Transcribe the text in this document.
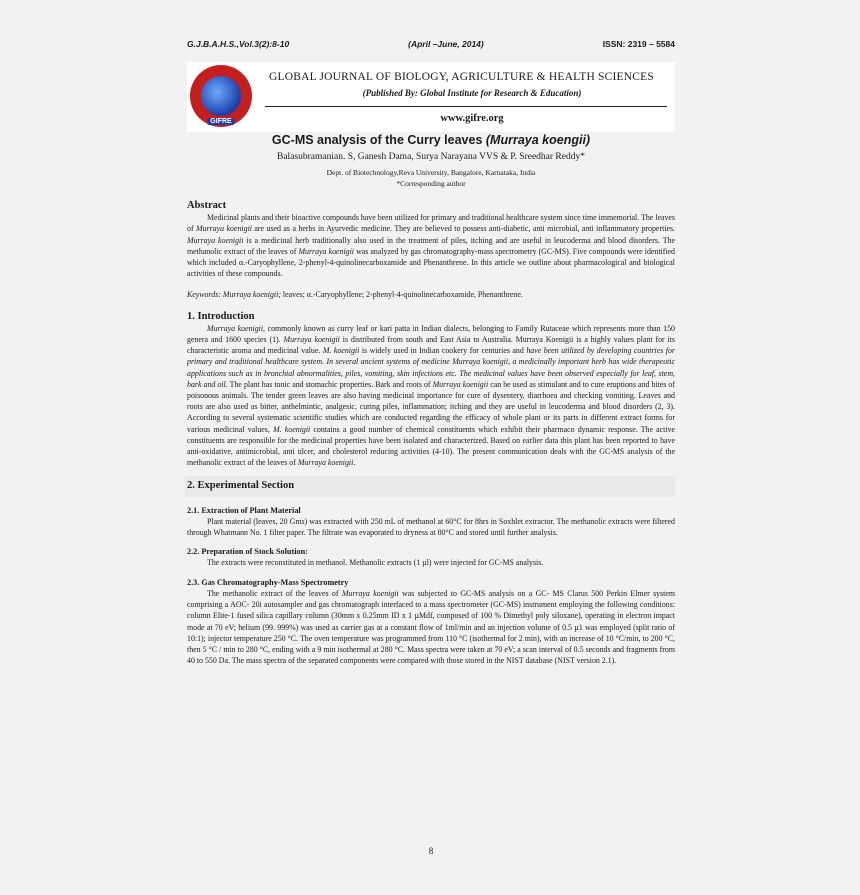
G.J.B.A.H.S.,Vol.3(2):8-10	(April –June, 2014)	ISSN: 2319 – 5584
GIFRE
GLOBAL JOURNAL OF BIOLOGY, AGRICULTURE & HEALTH SCIENCES
(Published By: Global Institute for Research & Education)
www.gifre.org
GC-MS analysis of the Curry leaves (Murraya koengii)
Balasubramanian. S, Ganesh Dama, Surya Narayana VVS & P. Sreedhar Reddy*
Dept. of Biotechnology,Reva University, Bangalore, Karnataka, India
*Corresponding author
Abstract

Medicinal plants and their bioactive compounds have been utilized for primary and traditional healthcare system since time immemorial. The leaves of Murraya koenigii are used as a herbs in Ayurvedic medicine. They are believed to possess anti-diabetic, anti microbial, anti inflammatory properties. Murraya koenigii is a medicinal herb traditionally also used in the treatment of piles, itching and are useful in leucoderma and blood disorders. The methanolic extract of the leaves of Murraya koenigii was analyzed by gas chromatography-mass spectrometry (GC-MS). Five compounds were identified which included α.-Caryophyllene, 2-phenyl-4-quinolinecarboxamide and Phenanthrene. In this article we outline about pharmacological and biological activities of these compounds.

Keywords: Murraya koenigii; leaves; α.-Caryophyllene; 2-phenyl-4-quinolinecarboxamide, Phenanthrene.

1. Introduction

Murraya koenigii, commonly known as curry leaf or kari patta in Indian dialects, belonging to Family Rutaceae which represents more than 150 genera and 1600 species (1). Murraya koenigii is distributed from south and East Asia to Australia. Murraya Koenigii is a highly values plant for its characteristic aroma and medicinal value. M. koenigii is widely used in Indian cookery for centuries and have been utilized by developing countries for primary and traditional healthcare system. In several ancient systems of medicine Murraya koenigii, a medicinally important herb has wide therapeutic applications such as in bronchial abnormalities, piles, vomiting, skin infections etc. The medicinal values have been observed especially for leaf, stem, bark and oil. The plant has tonic and stomachic properties. Bark and roots of Murraya koenigii can be used as stimulant and to cure eruptions and bites of poisonous animals. The tender green leaves are also having medicinal importance for cure of dysentery, diarrhoea and checking vomiting. Leaves and roots are also used as bitter, anthelmintic, analgesic, curing piles, inflammation; itching and they are useful in leucoderma and blood disorders (2, 3). According to several systematic scientific studies which are conducted regarding the efficacy of whole plant or its parts in different extract forms for various medicinal values, M. koenigii contains a good number of chemical constituents which exhibit their pharmaco dynamic response. The active constituents are responsible for the medicinal properties have been isolated and characterized. Based on earlier data this plant has been reported to have anti-oxidative, antimicrobial, anti ulcer, and cholesterol reducing activities (4-10). The present communication deals with the GC-MS analysis of the methanolic extract of the leaves of Murraya koenigii.

2. Experimental Section
2.1. Extraction of Plant Material

Plant material (leaves, 20 Gms) was extracted with 250 mL of methanol at 60°C for 8hrs in Soxhlet extractor. The methanolic extracts were filtered through Whatmann No. 1 filter paper. The filtrate was evaporated to dryness at 80°C and stored until further analysis.

2.2. Preparation of Stock Solution:

The extracts were reconstituted in methanol. Methanolic extracts (1 µl) were injected for GC-MS analysis.

2.3. Gas Chromatography-Mass Spectrometry

The methanolic extract of the leaves of Murraya koenigii was subjected to GC-MS analysis on a GC- MS Clarus 500 Perkin Elmer system comprising a AOC- 20i autosampler and gas chromatograph interfaced to a mass spectrometer (GC-MS) instrument employing the following conditions: column Elite-1 fused silica capillary column (30mm x 0.25mm ID x 1 µMdf, composed of 100 % Dimethyl poly siloxane), operating in electron impact mode at 70 eV; helium (99. 999%) was used as carrier gas at a constant flow of 1ml/min and an injection volume of 0.5 µ1 was employed (split ratio of 10:1); injector temperature 250 °C. The oven temperature was programmed from 110 °C (isothermal for 2 min), with an increase of 10 °C/min, to 200 °C, then 5 °C / min to 280 °C, ending with a 9 min isothermal at 280 °C. Mass spectra were taken at 70 eV; a scan interval of 0.5 seconds and fragments from 40 to 550 Da. The mass spectra of the separated components were compared with those stored in the NIST database (NIST version 2.1).

8
